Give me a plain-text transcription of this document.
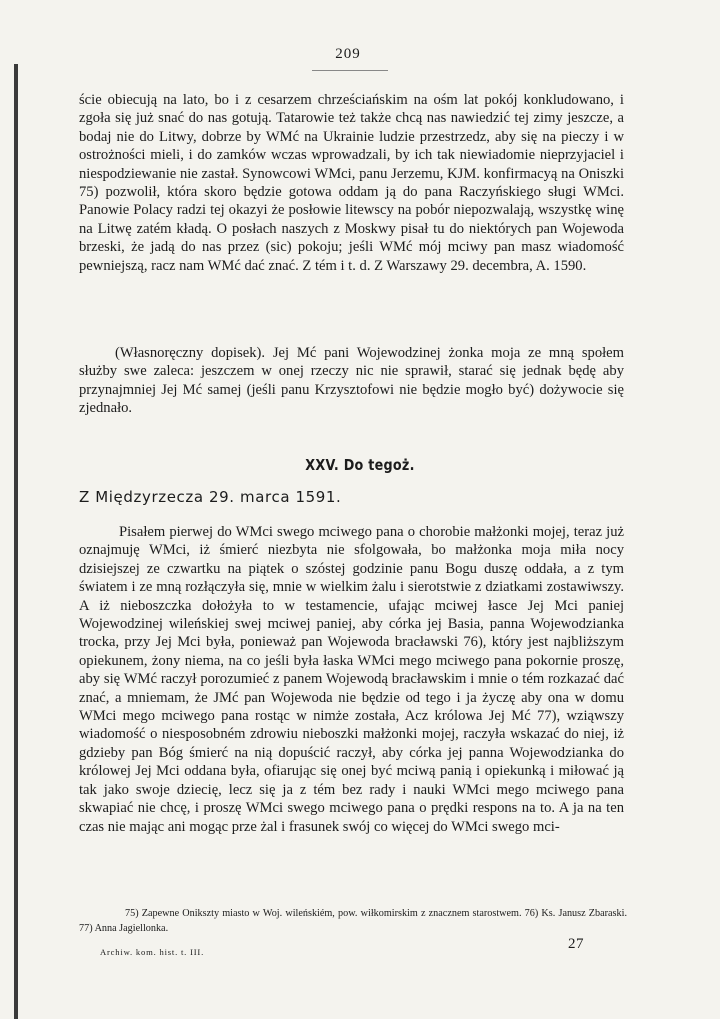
209

ście obiecują na lato, bo i z cesarzem chrześciańskim na ośm lat pokój konkludowano, i zgoła się już snać do nas gotują. Tatarowie też także chcą nas nawiedzić tej zimy jeszcze, a bodaj nie do Litwy, dobrze by WMć na Ukrainie ludzie przestrzedz, aby się na pieczy i w ostrożności mieli, i do zamków wczas wprowadzali, by ich tak niewiadomie nieprzyjaciel i niespodziewanie nie zastał. Synowcowi WMci, panu Jerzemu, KJM. konfirmacyą na Oniszki 75) pozwolił, która skoro będzie gotowa oddam ją do pana Raczyńskiego sługi WMci. Panowie Polacy radzi tej okazyi że posłowie litewscy na pobór niepozwalają, wszystkę winę na Litwę zatém kładą. O posłach naszych z Moskwy pisał tu do niektórych pan Wojewoda brzeski, że jadą do nas przez (sic) pokoju; jeśli WMć mój mciwy pan masz wiadomość pewniejszą, racz nam WMć dać znać. Z tém i t. d. Z Warszawy 29. decembra, A. 1590.

(Własnoręczny dopisek). Jej Mć pani Wojewodzinej żonka moja ze mną społem służby swe zaleca: jeszczem w onej rzeczy nic nie sprawił, starać się jednak będę aby przynajmniej Jej Mć samej (jeśli panu Krzysztofowi nie będzie mogło być) dożywocie się zjednało.

XXV. Do tegoż.
Z Międzyrzecza 29. marca 1591.

Pisałem pierwej do WMci swego mciwego pana o chorobie małżonki mojej, teraz już oznajmuję WMci, iż śmierć niezbyta nie sfolgowała, bo małżonka moja miła nocy dzisiejszej ze czwartku na piątek o szóstej godzinie panu Bogu duszę oddała, a z tym światem i ze mną rozłączyła się, mnie w wielkim żalu i sierotstwie z dziatkami zostawiwszy. A iż nieboszczka dołożyła to w testamencie, ufając mciwej łasce Jej Mci paniej Wojewodzinej wileńskiej swej mciwej paniej, aby córka jej Basia, panna Wojewodzianka trocka, przy Jej Mci była, ponieważ pan Wojewoda bracławski 76), który jest najbliższym opiekunem, żony niema, na co jeśli była łaska WMci mego mciwego pana pokornie proszę, aby się WMć raczył porozumieć z panem Wojewodą bracławskim i mnie o tém rozkazać dać znać, a mniemam, że JMć pan Wojewoda nie będzie od tego i ja życzę aby ona w domu WMci mego mciwego pana rostąc w nimże została, Acz królowa Jej Mć 77), wziąwszy wiadomość o niesposobném zdrowiu nieboszki małżonki mojej, raczyła wskazać do niej, iż gdzieby pan Bóg śmierć na nią dopuścić raczył, aby córka jej panna Wojewodzianka do królowej Jej Mci oddana była, ofiarując się onej być mciwą panią i opiekunką i miłować ją tak jako swoje dziecię, lecz się ja z tém bez rady i nauki WMci mego mciwego pana skwapiać nie chcę, i proszę WMci swego mciwego pana o prędki respons na to. A ja na ten czas nie mając ani mogąc prze żal i frasunek swój co więcej do WMci swego mci-

75) Zapewne Onikszty miasto w Woj. wileńskiém, pow. wiłkomirskim z znacznem starostwem. 76) Ks. Janusz Zbaraski. 77) Anna Jagiellonka.

Archiw. kom. hist. t. III.	27
